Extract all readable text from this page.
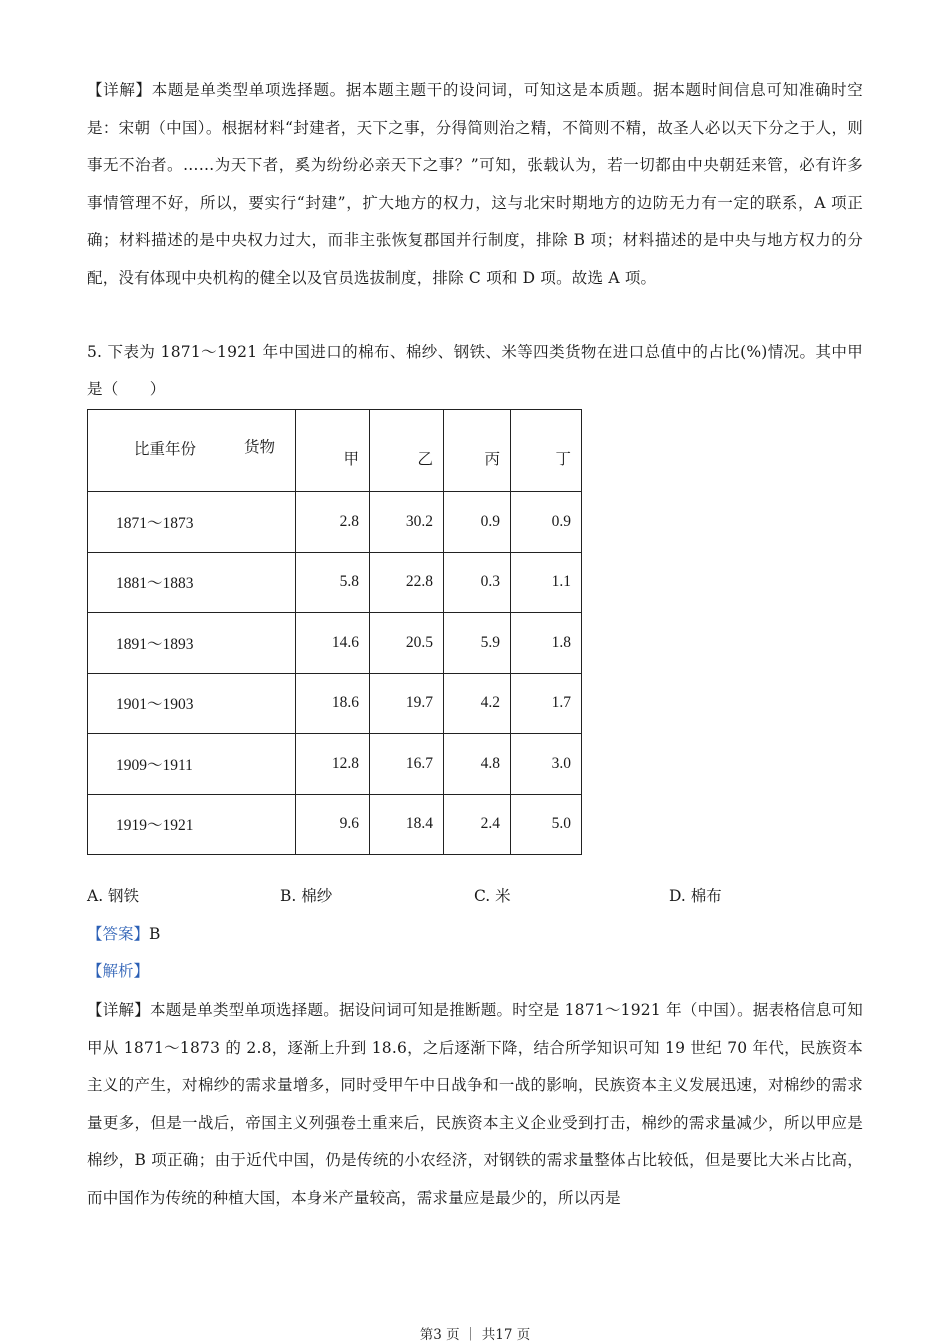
【详解】本题是单类型单项选择题。据本题主题干的设问词，可知这是本质题。据本题时间信息可知准确时空是：宋朝（中国）。根据材料“封建者，天下之事，分得简则治之精，不简则不精，故圣人必以天下分之于人，则事无不治者。……为天下者，奚为纷纷必亲天下之事？”可知，张载认为，若一切都由中央朝廷来管，必有许多事情管理不好，所以，要实行“封建”，扩大地方的权力，这与北宋时期地方的边防无力有一定的联系，A 项正确；材料描述的是中央权力过大，而非主张恢复郡国并行制度，排除 B 项；材料描述的是中央与地方权力的分配，没有体现中央机构的健全以及官员选拔制度，排除 C 项和 D 项。故选 A 项。
5. 下表为 1871～1921 年中国进口的棉布、棉纱、钢铁、米等四类货物在进口总值中的占比(%)情况。其中甲是（　　）
比重年份 货物	甲	乙	丙	丁
1871～1873	2.8	30.2	0.9	0.9
1881～1883	5.8	22.8	0.3	1.1
1891～1893	14.6	20.5	5.9	1.8
1901～1903	18.6	19.7	4.2	1.7
1909～1911	12.8	16.7	4.8	3.0
1919～1921	9.6	18.4	2.4	5.0
A. 钢铁	B. 棉纱	C. 米	D. 棉布
【答案】B
【解析】
【详解】本题是单类型单项选择题。据设问词可知是推断题。时空是 1871～1921 年（中国）。据表格信息可知甲从 1871～1873 的 2.8，逐渐上升到 18.6，之后逐渐下降，结合所学知识可知 19 世纪 70 年代，民族资本主义的产生，对棉纱的需求量增多，同时受甲午中日战争和一战的影响，民族资本主义发展迅速，对棉纱的需求量更多，但是一战后，帝国主义列强卷土重来后，民族资本主义企业受到打击，棉纱的需求量减少，所以甲应是棉纱，B 项正确；由于近代中国，仍是传统的小农经济，对钢铁的需求量整体占比较低，但是要比大米占比高，而中国作为传统的种植大国，本身米产量较高，需求量应是最少的，所以丙是
第3 页 ｜ 共17 页
